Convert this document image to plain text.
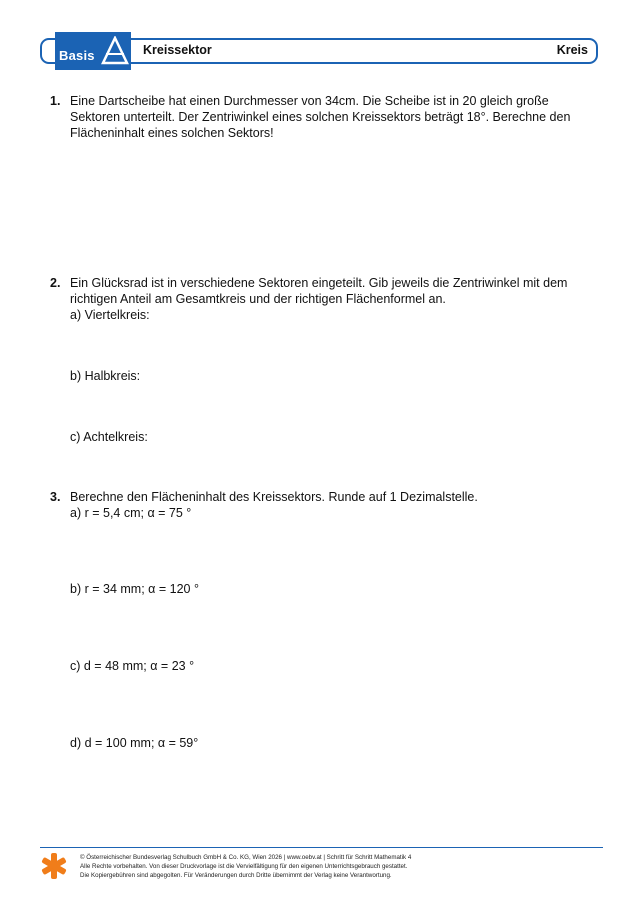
Basis	Kreissektor	Kreis
1. Eine Dartscheibe hat einen Durchmesser von 34cm. Die Scheibe ist in 20 gleich große Sektoren unterteilt. Der Zentriwinkel eines solchen Kreissektors beträgt 18°. Berechne den Flächeninhalt eines solchen Sektors!
2. Ein Glücksrad ist in verschiedene Sektoren eingeteilt. Gib jeweils die Zentriwinkel mit dem richtigen Anteil am Gesamtkreis und der richtigen Flächenformel an.
a) Viertelkreis:
b) Halbkreis:
c) Achtelkreis:
3. Berechne den Flächeninhalt des Kreissektors. Runde auf 1 Dezimalstelle.
a) r = 5,4 cm; α = 75 °
b) r = 34 mm; α = 120 °
c) d = 48 mm; α = 23 °
d) d = 100 mm; α = 59°
© Österreichischer Bundesverlag Schulbuch GmbH & Co. KG, Wien 2026 | www.oebv.at | Schritt für Schritt Mathematik 4
Alle Rechte vorbehalten. Von dieser Druckvorlage ist die Vervielfältigung für den eigenen Unterrichtsgebrauch gestattet.
Die Kopiergebühren sind abgegolten. Für Veränderungen durch Dritte übernimmt der Verlag keine Verantwortung.
